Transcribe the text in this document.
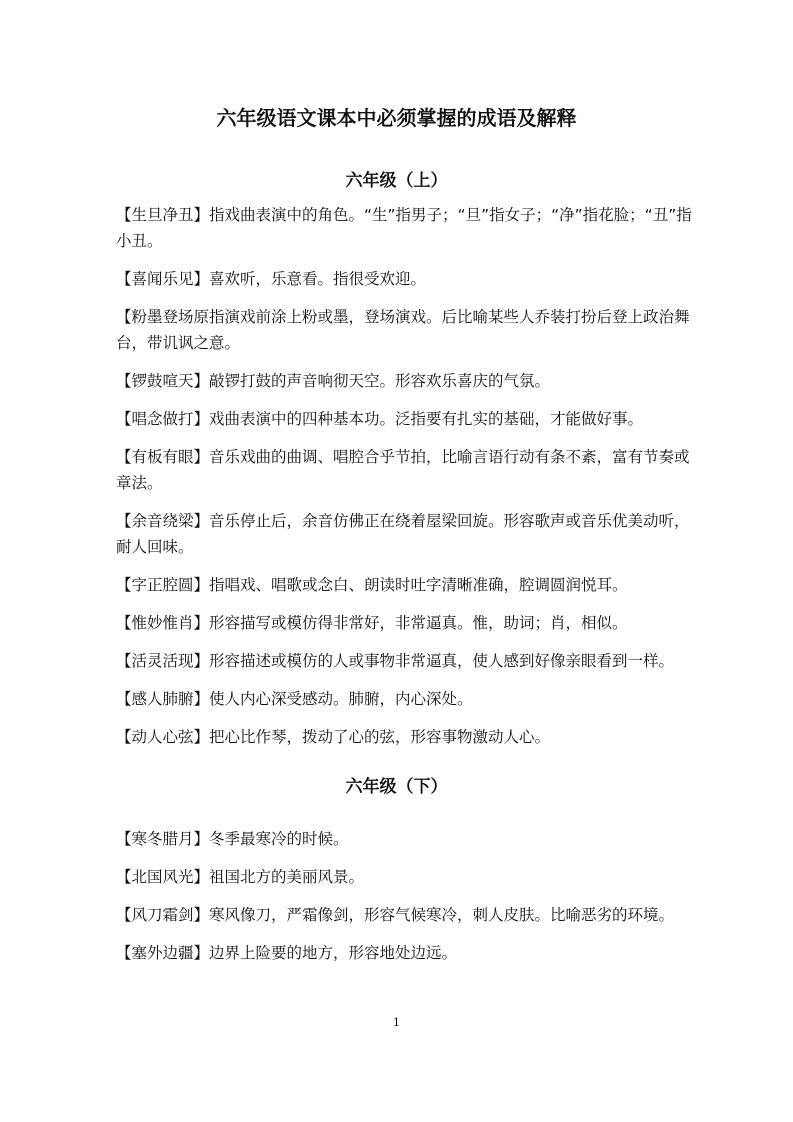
六年级语文课本中必须掌握的成语及解释
六年级（上）

【生旦净丑】指戏曲表演中的角色。“生”指男子；“旦”指女子；“净”指花脸；“丑”指小丑。

【喜闻乐见】喜欢听，乐意看。指很受欢迎。

【粉墨登场原指演戏前涂上粉或墨，登场演戏。后比喻某些人乔装打扮后登上政治舞台，带讥讽之意。

【锣鼓喧天】敲锣打鼓的声音响彻天空。形容欢乐喜庆的气氛。

【唱念做打】戏曲表演中的四种基本功。泛指要有扎实的基础，才能做好事。

【有板有眼】音乐戏曲的曲调、唱腔合乎节拍，比喻言语行动有条不紊，富有节奏或章法。

【余音绕梁】音乐停止后，余音仿佛正在绕着屋梁回旋。形容歌声或音乐优美动听，耐人回味。

【字正腔圆】指唱戏、唱歌或念白、朗读时吐字清晰准确，腔调圆润悦耳。

【惟妙惟肖】形容描写或模仿得非常好，非常逼真。惟，助词；肖，相似。

【活灵活现】形容描述或模仿的人或事物非常逼真，使人感到好像亲眼看到一样。

【感人肺腑】使人内心深受感动。肺腑，内心深处。

【动人心弦】把心比作琴，拨动了心的弦，形容事物激动人心。

六年级（下）

【寒冬腊月】冬季最寒冷的时候。

【北国风光】祖国北方的美丽风景。

【风刀霜剑】寒风像刀，严霜像剑，形容气候寒冷，刺人皮肤。比喻恶劣的环境。

【塞外边疆】边界上险要的地方，形容地处边远。

1
